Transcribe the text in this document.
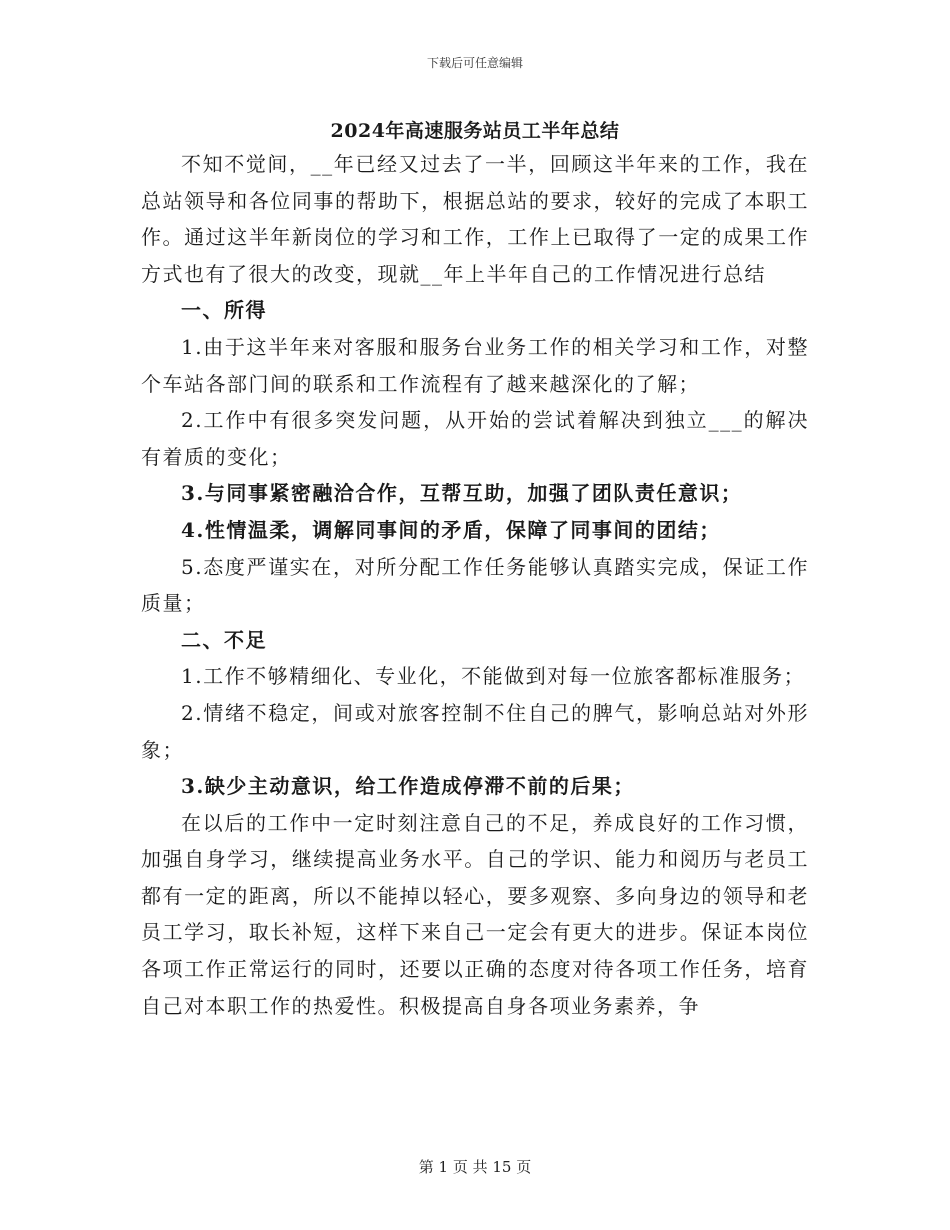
下载后可任意编辑
2024年高速服务站员工半年总结

不知不觉间，__年已经又过去了一半，回顾这半年来的工作，我在总站领导和各位同事的帮助下，根据总站的要求，较好的完成了本职工作。通过这半年新岗位的学习和工作，工作上已取得了一定的成果工作方式也有了很大的改变，现就__年上半年自己的工作情况进行总结

一、所得

1.由于这半年来对客服和服务台业务工作的相关学习和工作，对整个车站各部门间的联系和工作流程有了越来越深化的了解；

2.工作中有很多突发问题，从开始的尝试着解决到独立___的解决有着质的变化；

3.与同事紧密融洽合作，互帮互助，加强了团队责任意识；

4.性情温柔，调解同事间的矛盾，保障了同事间的团结；

5.态度严谨实在，对所分配工作任务能够认真踏实完成，保证工作质量；

二、不足

1.工作不够精细化、专业化，不能做到对每一位旅客都标准服务；

2.情绪不稳定，间或对旅客控制不住自己的脾气，影响总站对外形象；

3.缺少主动意识，给工作造成停滞不前的后果；

在以后的工作中一定时刻注意自己的不足，养成良好的工作习惯，加强自身学习，继续提高业务水平。自己的学识、能力和阅历与老员工都有一定的距离，所以不能掉以轻心，要多观察、多向身边的领导和老员工学习，取长补短，这样下来自己一定会有更大的进步。保证本岗位各项工作正常运行的同时，还要以正确的态度对待各项工作任务，培育自己对本职工作的热爱性。积极提高自身各项业务素养，争

第 1 页 共 15 页
